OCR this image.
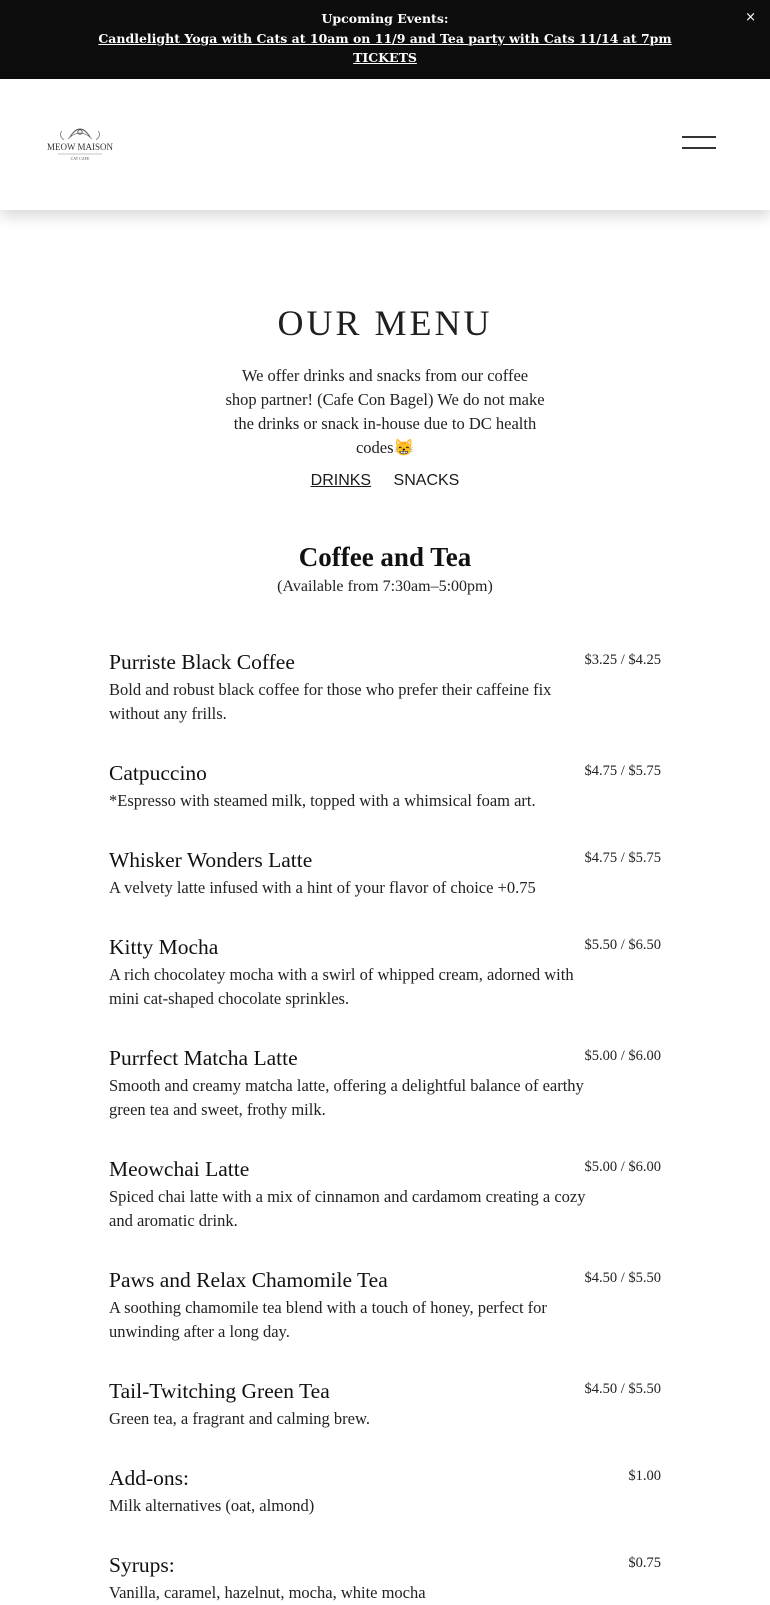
Upcoming Events:
Candlelight Yoga with Cats at 10am on 11/9 and Tea party with Cats 11/14 at 7pm
TICKETS
×
MEOW MAISON
CAT CAFE
OUR MENU

We offer drinks and snacks from our coffee shop partner! (Cafe Con Bagel) We do not make the drinks or snack in-house due to DC health codes😸

DRINKS SNACKS
Coffee and Tea
(Available from 7:30am–5:00pm)
Purriste Black Coffee	$3.25 / $4.25
Bold and robust black coffee for those who prefer their caffeine fix without any frills.
Catpuccino	$4.75 / $5.75
*Espresso with steamed milk, topped with a whimsical foam art.
Whisker Wonders Latte	$4.75 / $5.75
A velvety latte infused with a hint of your flavor of choice +0.75
Kitty Mocha	$5.50 / $6.50
A rich chocolatey mocha with a swirl of whipped cream, adorned with mini cat-shaped chocolate sprinkles.
Purrfect Matcha Latte	$5.00 / $6.00
Smooth and creamy matcha latte, offering a delightful balance of earthy green tea and sweet, frothy milk.
Meowchai Latte	$5.00 / $6.00
Spiced chai latte with a mix of cinnamon and cardamom creating a cozy and aromatic drink.
Paws and Relax Chamomile Tea	$4.50 / $5.50
A soothing chamomile tea blend with a touch of honey, perfect for unwinding after a long day.
Tail-Twitching Green Tea	$4.50 / $5.50
Green tea, a fragrant and calming brew.
Add-ons:	$1.00
Milk alternatives (oat, almond)
Syrups:	$0.75
Vanilla, caramel, hazelnut, mocha, white mocha
